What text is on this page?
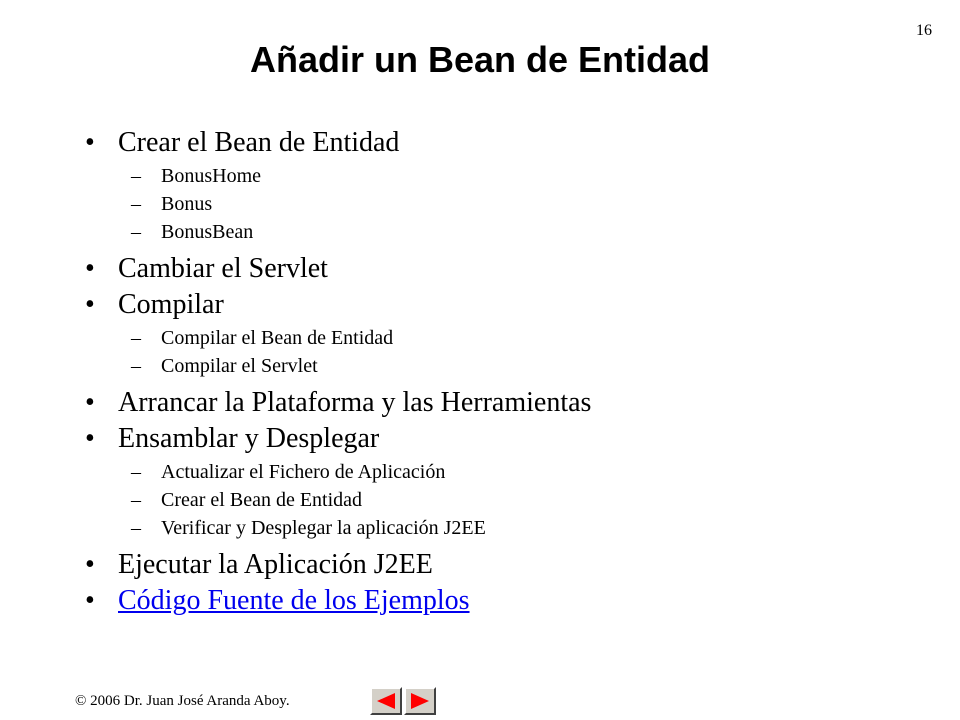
16
Añadir un Bean de Entidad
• Crear el Bean de Entidad
– BonusHome
– Bonus
– BonusBean
• Cambiar el Servlet
• Compilar
– Compilar el Bean de Entidad
– Compilar el Servlet
• Arrancar la Plataforma y las Herramientas
• Ensamblar y Desplegar
– Actualizar el Fichero de Aplicación
– Crear el Bean de Entidad
– Verificar y Desplegar la aplicación J2EE
• Ejecutar la Aplicación J2EE
• Código Fuente de los Ejemplos
© 2006 Dr. Juan José Aranda Aboy.
